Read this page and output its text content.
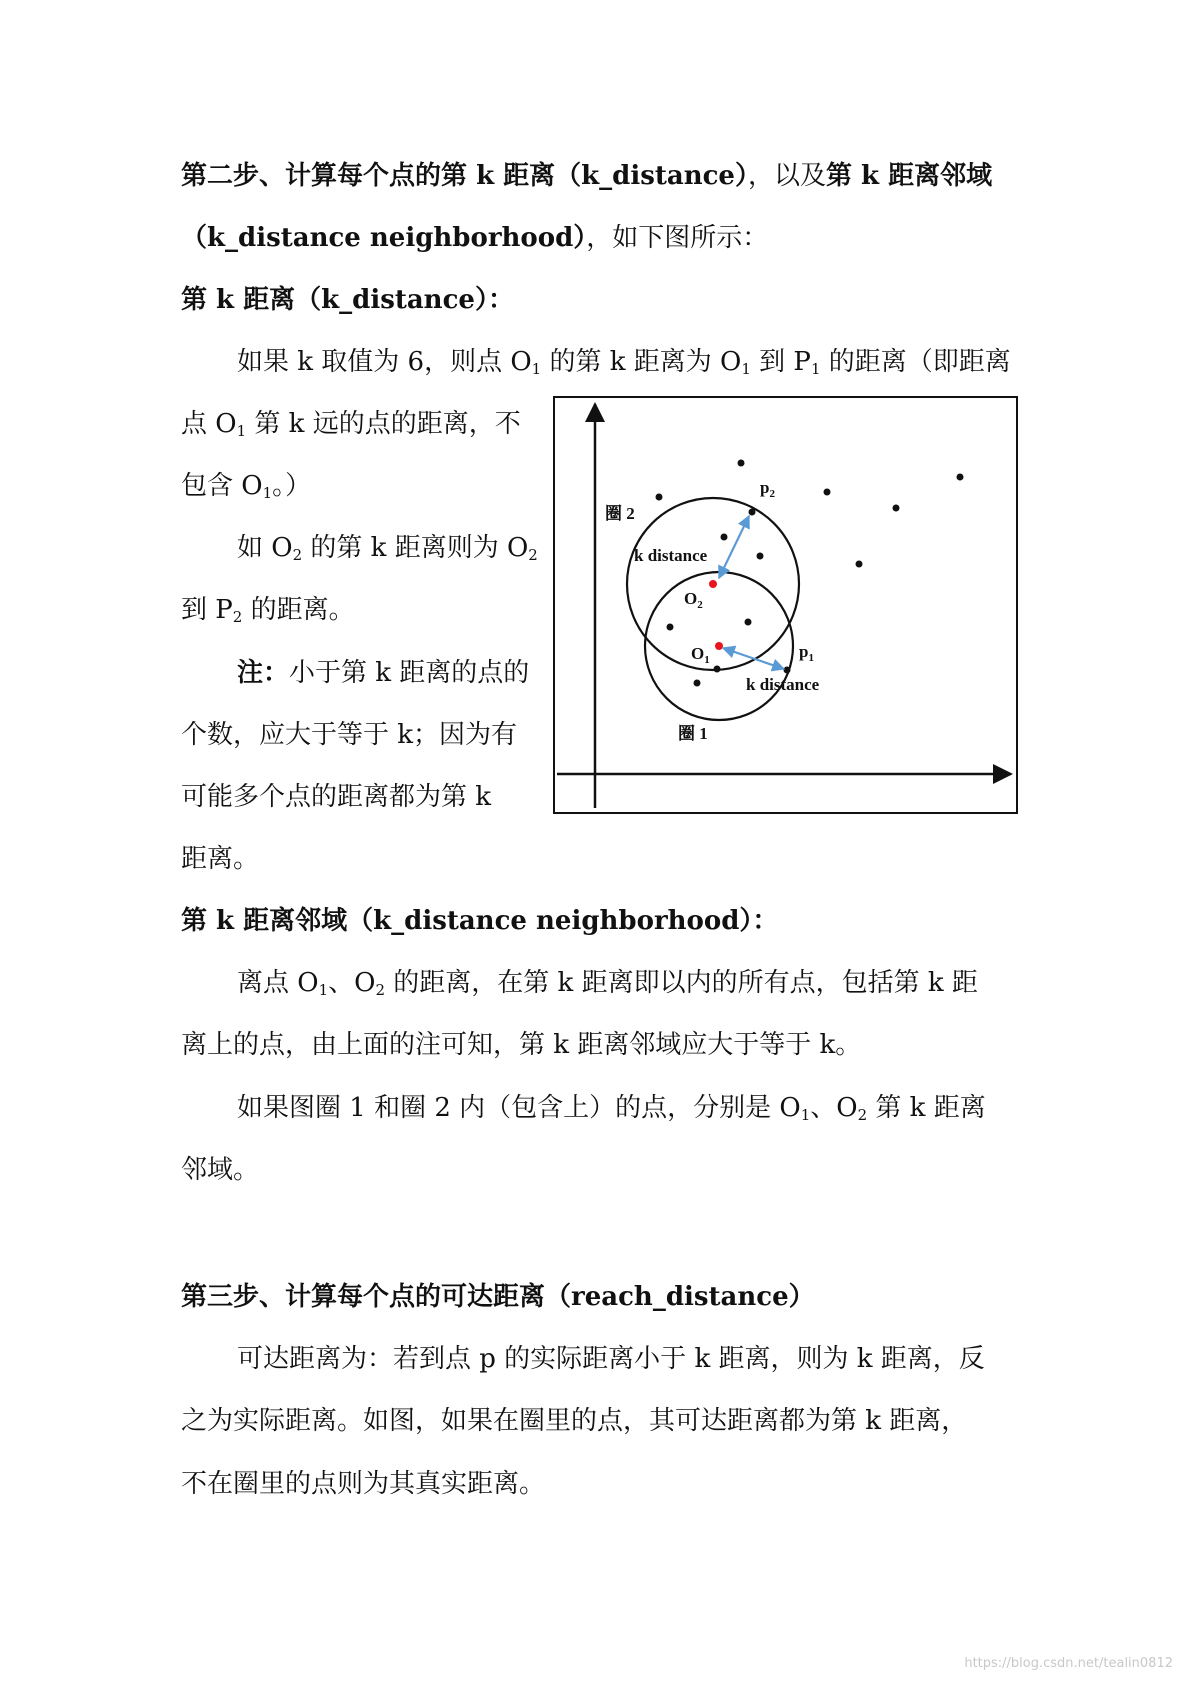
第二步、计算每个点的第 k 距离（k_distance），以及第 k 距离邻域
（k_distance neighborhood），如下图所示：
第 k 距离（k_distance）：
如果 k 取值为 6，则点 $O_1$ 的第 k 距离为 $O_1$ 到 $P_1$ 的距离（即距离
点 $O_1$ 第 k 远的点的距离，不
包含 $O_1$。）
如 $O_2$ 的第 k 距离则为 $O_2$
到 $P_2$ 的距离。
注：小于第 k 距离的点的
个数，应大于等于 k；因为有
可能多个点的距离都为第 k
距离。
圈 2
k distance
$O_2$
$O_1$
$p_2$
$p_1$
k distance
圈 1
第 k 距离邻域（k_distance neighborhood）：
离点 $O_1$、$O_2$ 的距离，在第 k 距离即以内的所有点，包括第 k 距
离上的点，由上面的注可知，第 k 距离邻域应大于等于 k。
如果图圈 1 和圈 2 内（包含上）的点，分别是 $O_1$、$O_2$ 第 k 距离
邻域。
第三步、计算每个点的可达距离（reach_distance）
可达距离为：若到点 p 的实际距离小于 k 距离，则为 k 距离，反
之为实际距离。如图，如果在圈里的点，其可达距离都为第 k 距离，
不在圈里的点则为其真实距离。
https://blog.csdn.net/tealin0812
